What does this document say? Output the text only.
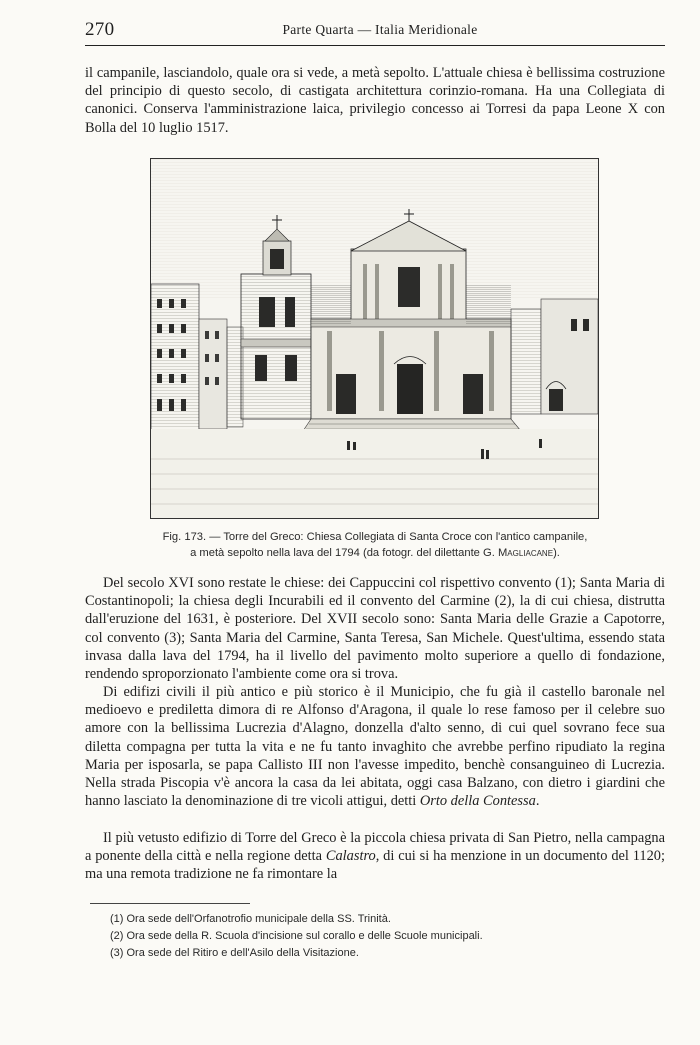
270	Parte Quarta — Italia Meridionale

il campanile, lasciandolo, quale ora si vede, a metà sepolto. L'attuale chiesa è bellissima costruzione del principio di questo secolo, di castigata architettura corinzio-romana. Ha una Collegiata di canonici. Conserva l'amministrazione laica, privilegio concesso ai Torresi da papa Leone X con Bolla del 10 luglio 1517.

Fig. 173. — Torre del Greco: Chiesa Collegiata di Santa Croce con l'antico campanile,
a metà sepolto nella lava del 1794 (da fotogr. del dilettante G. Magliacane).

Del secolo XVI sono restate le chiese: dei Cappuccini col rispettivo convento (1); Santa Maria di Costantinopoli; la chiesa degli Incurabili ed il convento del Carmine (2), la di cui chiesa, distrutta dall'eruzione del 1631, è posteriore. Del XVII secolo sono: Santa Maria delle Grazie a Capotorre, col convento (3); Santa Maria del Carmine, Santa Teresa, San Michele. Quest'ultima, essendo stata invasa dalla lava del 1794, ha il livello del pavimento molto superiore a quello di fondazione, rendendo sproporzionato l'ambiente come ora si trova.

Di edifizi civili il più antico e più storico è il Municipio, che fu già il castello baronale nel medioevo e prediletta dimora di re Alfonso d'Aragona, il quale lo rese famoso per il celebre suo amore con la bellissima Lucrezia d'Alagno, donzella d'alto senno, di cui quel sovrano fece sua diletta compagna per tutta la vita e ne fu tanto invaghito che avrebbe perfino ripudiato la regina Maria per isposarla, se papa Callisto III non l'avesse impedito, benchè consanguineo di Lucrezia. Nella strada Piscopia v'è ancora la casa da lei abitata, oggi casa Balzano, con dietro i giardini che hanno lasciato la denominazione di tre vicoli attigui, detti Orto della Contessa.

Il più vetusto edifizio di Torre del Greco è la piccola chiesa privata di San Pietro, nella campagna a ponente della città e nella regione detta Calastro, di cui si ha menzione in un documento del 1120; ma una remota tradizione ne fa rimontare la

(1) Ora sede dell'Orfanotrofio municipale della SS. Trinità.
(2) Ora sede della R. Scuola d'incisione sul corallo e delle Scuole municipali.
(3) Ora sede del Ritiro e dell'Asilo della Visitazione.
